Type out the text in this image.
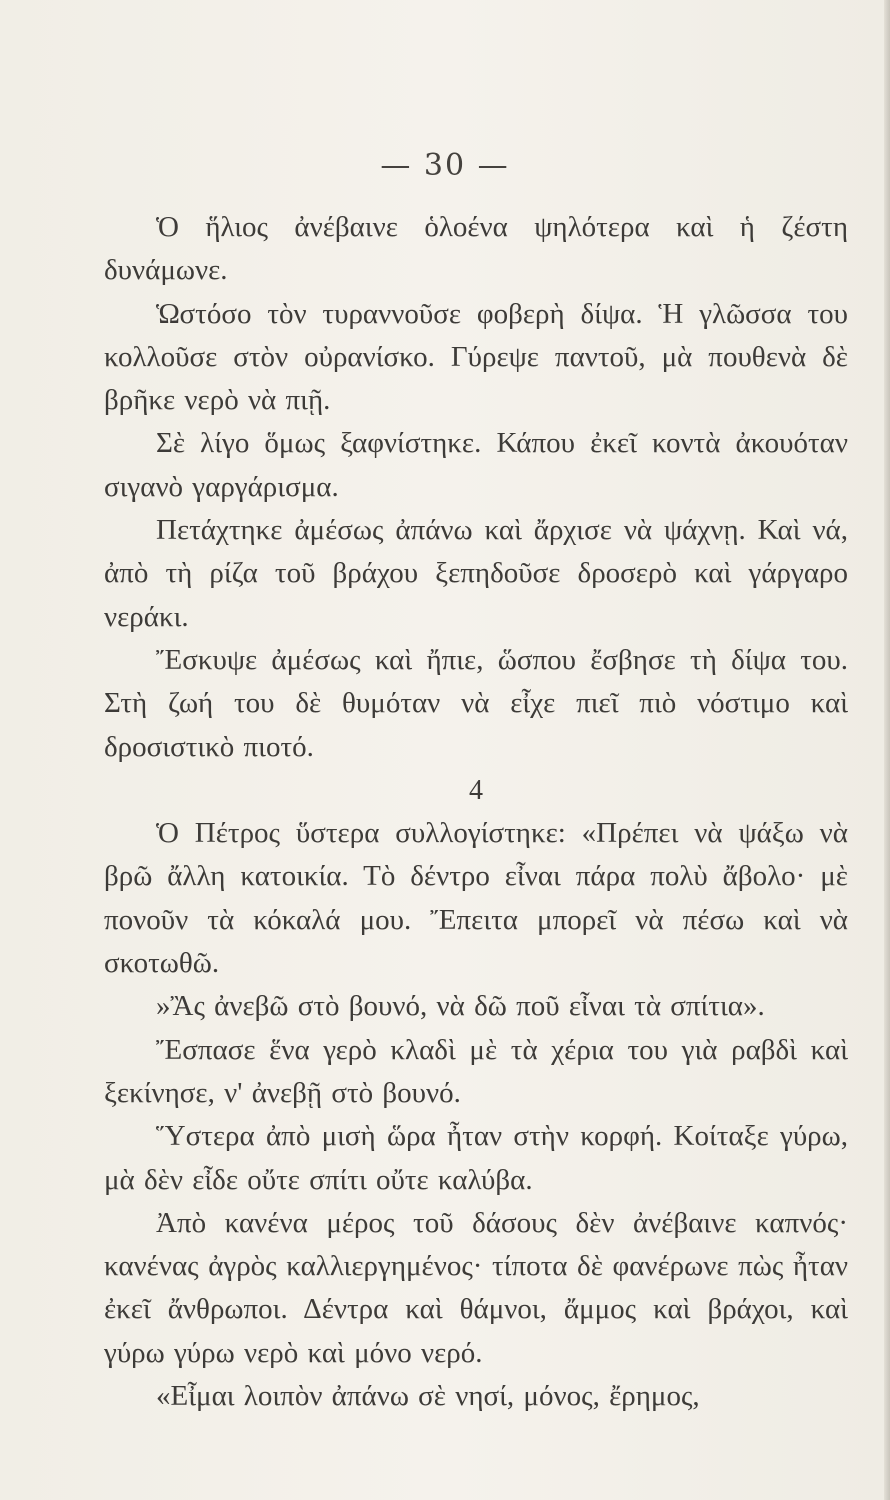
— 30 —

Ὁ ἥλιος ἀνέβαινε ὁλοένα ψηλότερα καὶ ἡ ζέστη δυνάμωνε.

Ὡστόσο τὸν τυραννοῦσε φοβερὴ δίψα. Ἡ γλῶσσα του κολλοῦσε στὸν οὐρανίσκο. Γύρεψε παντοῦ, μὰ πουθενὰ δὲ βρῆκε νερὸ νὰ πιῇ.

Σὲ λίγο ὅμως ξαφνίστηκε. Κάπου ἐκεῖ κοντὰ ἀκουόταν σιγανὸ γαργάρισμα.

Πετάχτηκε ἀμέσως ἀπάνω καὶ ἄρχισε νὰ ψάχνῃ. Καὶ νά, ἀπὸ τὴ ρίζα τοῦ βράχου ξεπηδοῦσε δροσερὸ καὶ γάργαρο νεράκι.

Ἔσκυψε ἀμέσως καὶ ἤπιε, ὥσπου ἔσβησε τὴ δίψα του. Στὴ ζωή του δὲ θυμόταν νὰ εἶχε πιεῖ πιὸ νόστιμο καὶ δροσιστικὸ πιοτό.

4

Ὁ Πέτρος ὕστερα συλλογίστηκε: «Πρέπει νὰ ψάξω νὰ βρῶ ἄλλη κατοικία. Τὸ δέντρο εἶναι πάρα πολὺ ἄβολο· μὲ πονοῦν τὰ κόκαλά μου. Ἔπειτα μπορεῖ νὰ πέσω καὶ νὰ σκοτωθῶ.

»Ἂς ἀνεβῶ στὸ βουνό, νὰ δῶ ποῦ εἶναι τὰ σπίτια».

Ἔσπασε ἕνα γερὸ κλαδὶ μὲ τὰ χέρια του γιὰ ραβδὶ καὶ ξεκίνησε, ν' ἀνεβῇ στὸ βουνό.

Ὕστερα ἀπὸ μισὴ ὥρα ἦταν στὴν κορφή. Κοίταξε γύρω, μὰ δὲν εἶδε οὔτε σπίτι οὔτε καλύβα.

Ἀπὸ κανένα μέρος τοῦ δάσους δὲν ἀνέβαινε καπνός· κανένας ἀγρὸς καλλιεργημένος· τίποτα δὲ φανέρωνε πὼς ἦταν ἐκεῖ ἄνθρωποι. Δέντρα καὶ θάμνοι, ἄμμος καὶ βράχοι, καὶ γύρω γύρω νερὸ καὶ μόνο νερό.

«Εἶμαι λοιπὸν ἀπάνω σὲ νησί, μόνος, ἔρημος,
